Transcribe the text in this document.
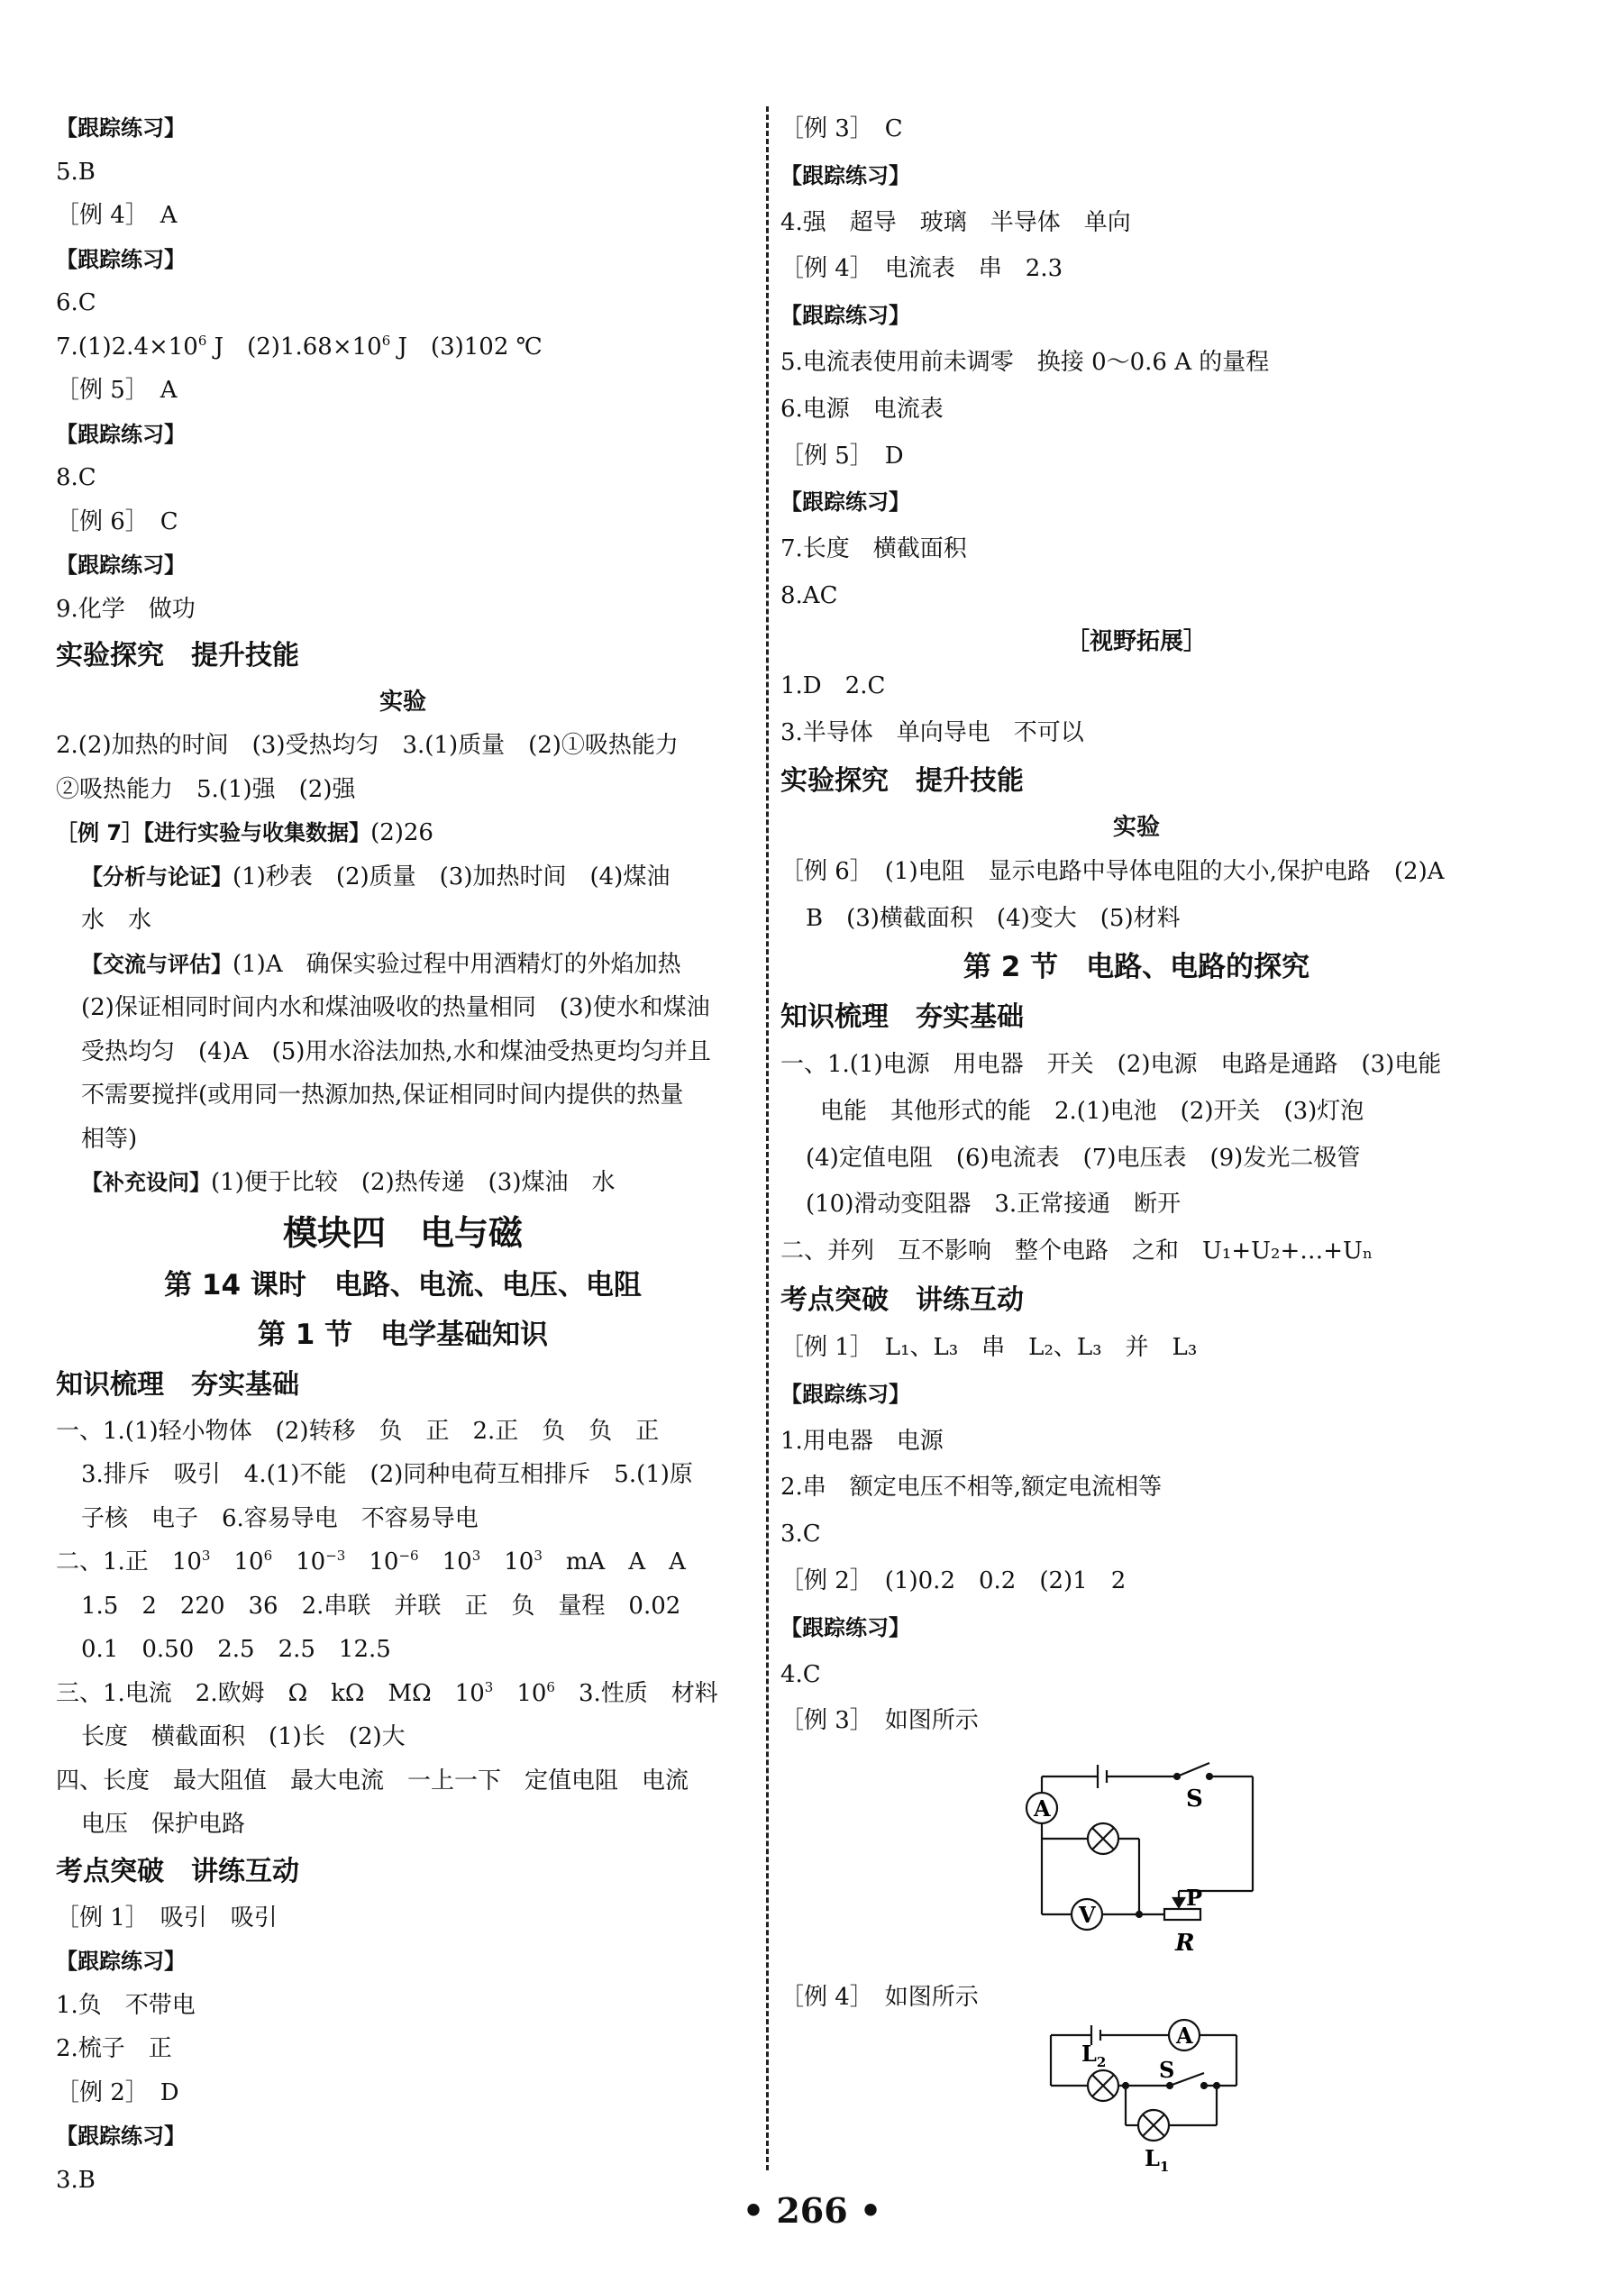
【跟踪练习】
5.B
［例 4］　A
【跟踪练习】
6.C
$7.(1)2.4\times 10^6$ J　$(2)1.68\times 10^6$ J　(3)102 ℃
［例 5］　A
【跟踪练习】
8.C
［例 6］　C
【跟踪练习】
9.化学　做功
实验探究　提升技能
实验
2.(2)加热的时间　(3)受热均匀　3.(1)质量　(2)①吸热能力
②吸热能力　5.(1)强　(2)强
［例 7］【进行实验与收集数据】(2)26
【分析与论证】(1)秒表　(2)质量　(3)加热时间　(4)煤油
水　水
【交流与评估】(1)A　确保实验过程中用酒精灯的外焰加热
(2)保证相同时间内水和煤油吸收的热量相同　(3)使水和煤油
受热均匀　(4)A　(5)用水浴法加热,水和煤油受热更均匀并且
不需要搅拌(或用同一热源加热,保证相同时间内提供的热量
相等)
【补充设问】(1)便于比较　(2)热传递　(3)煤油　水
模块四　电与磁
第 14 课时　电路、电流、电压、电阻
第 1 节　电学基础知识
知识梳理　夯实基础
一、1.(1)轻小物体　(2)转移　负　正　2.正　负　负　正
3.排斥　吸引　4.(1)不能　(2)同种电荷互相排斥　5.(1)原
子核　电子　6.容易导电　不容易导电
二、1.正　$10^3$　 $10^6$　 $10^{-3}$　 $10^{-6}$　 $10^3$　 $10^3$　mA　A　A
1.5　2　220　36　2.串联　并联　正　负　量程　0.02
0.1　0.50　2.5　2.5　12.5
三、1.电流　2.欧姆　Ω　kΩ　MΩ　$10^3$　 $10^6$　3.性质　材料
长度　横截面积　(1)长　(2)大
四、长度　最大阻值　最大电流　一上一下　定值电阻　电流
电压　保护电路
考点突破　讲练互动
［例 1］　吸引　吸引
【跟踪练习】
1.负　不带电
2.梳子　正
［例 2］　D
【跟踪练习】
3.B
［例 3］　C
【跟踪练习】
4.强　超导　玻璃　半导体　单向
［例 4］　电流表　串　2.3
【跟踪练习】
5.电流表使用前未调零　换接 0～0.6 A 的量程
6.电源　电流表
［例 5］　D
【跟踪练习】
7.长度　横截面积
8.AC
［视野拓展］
1.D　2.C
3.半导体　单向导电　不可以
实验探究　提升技能
实验
［例 6］　(1)电阻　显示电路中导体电阻的大小,保护电路　(2)A
B　(3)横截面积　(4)变大　(5)材料
第 2 节　电路、电路的探究
知识梳理　夯实基础
一、1.(1)电源　用电器　开关　(2)电源　电路是通路　(3)电能
电能　其他形式的能　2.(1)电池　(2)开关　(3)灯泡
(4)定值电阻　(6)电流表　(7)电压表　(9)发光二极管
(10)滑动变阻器　3.正常接通　断开
二、并列　互不影响　整个电路　之和　U₁+U₂+…+Uₙ
考点突破　讲练互动
［例 1］　L₁、L₃　串　L₂、L₃　并　L₃
【跟踪练习】
1.用电器　电源
2.串　额定电压不相等,额定电流相等
3.C
［例 2］　(1)0.2　0.2　(2)1　2
【跟踪练习】
4.C
［例 3］　如图所示
A
V
S
P
R
［例 4］　如图所示
A
$L_2$ S
$L_1$
• 266 •
